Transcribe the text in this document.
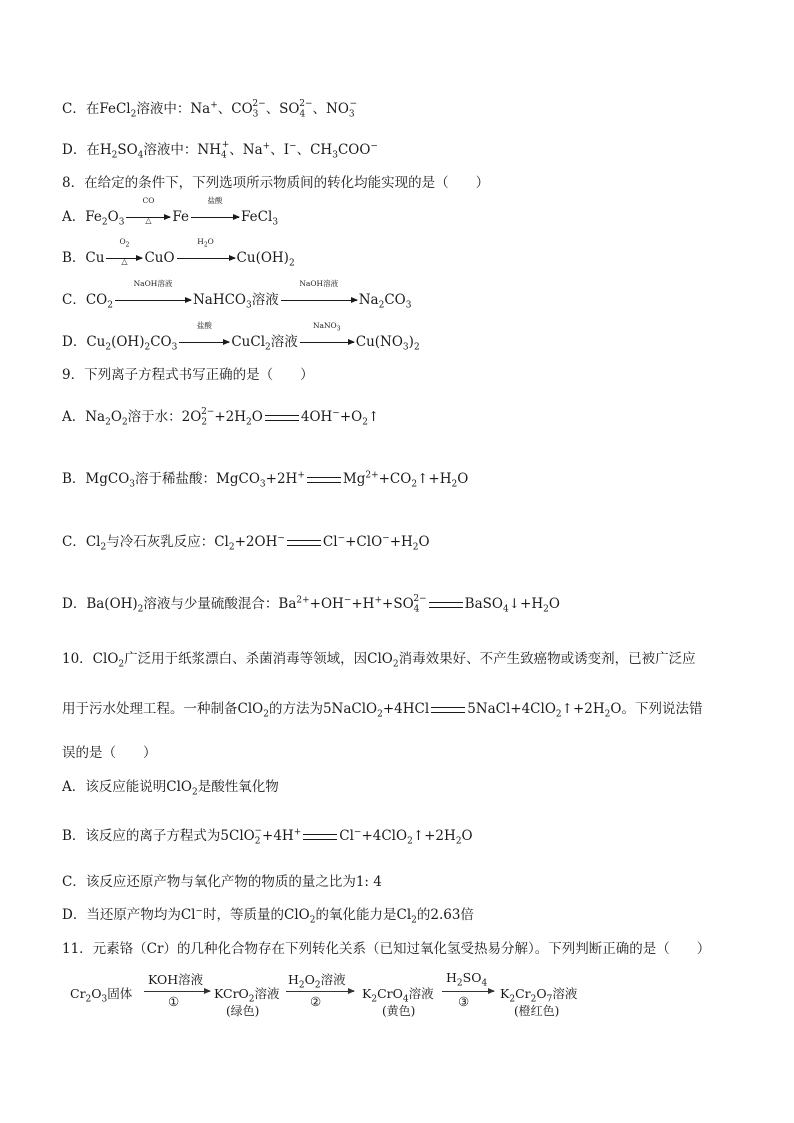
C．在FeCl$_2$溶液中：Na+、$CO_3^{2-}$、$SO_4^{2-}$、$NO_3^-$
D．在$H_2SO_4$溶液中：$NH_4^+$、Na+、I−、$CH_3COO^-$
8．在给定的条件下，下列选项所示物质间的转化均能实现的是（　　）
A．$Fe_2O_3$
CO
△	Fe
盐酸
FeCl$_3$
B．Cu
$O_2$
△	CuO
$H_2O$
$Cu(OH)_2$
C．$CO_2$
NaOH溶液
NaHCO$_3$溶液
NaOH溶液
$Na_2CO_3$
D．$Cu_2(OH)_2CO_3$
盐酸
CuCl$_2$溶液
NaNO$_3$
$Cu(NO_3)_2$
9．下列离子方程式书写正确的是（　　）
A．$Na_2O_2$溶于水：$2O_2^{2-}+2H_2O$	$4OH^-+O_2↑$
B．MgCO$_3$溶于稀盐酸：MgCO$_3$+2H+	$Mg^{2+}+CO_2↑+H_2O$
C．$Cl_2$与冷石灰乳反应：$Cl_2+2OH^-$	$Cl^-+ClO^-+H_2O$
D．$Ba(OH)_2$溶液与少量硫酸混合：$Ba^{2+}+OH^-+H^++SO_4^{2-}$	$BaSO_4↓+H_2O$
10．ClO$_2$广泛用于纸浆漂白、杀菌消毒等领域，因ClO$_2$消毒效果好、不产生致癌物或诱变剂，已被广泛应
用于污水处理工程。一种制备ClO$_2$的方法为5NaClO$_2$+4HCl	$5NaCl+4ClO_2↑+2H_2O$。下列说法错
误的是（　　）
A．该反应能说明ClO$_2$是酸性氧化物
B．该反应的离子方程式为5ClO$_2$−+4H+	$Cl^-+4ClO_2↑+2H_2O$
C．该反应还原产物与氧化产物的物质的量之比为1: 4
D．当还原产物均为Cl−时，等质量的ClO$_2$的氧化能力是$Cl_2$的2.63倍
11．元素铬（Cr）的几种化合物存在下列转化关系（已知过氧化氢受热易分解）。下列判断正确的是（　　）
$Cr_2O_3$固体
KOH溶液
①
KCrO$_2$溶液
(绿色)
$H_2O_2$溶液
②
$K_2CrO_4$溶液
(黄色)
$H_2SO_4$
③
$K_2Cr_2O_7$溶液
(橙红色)
